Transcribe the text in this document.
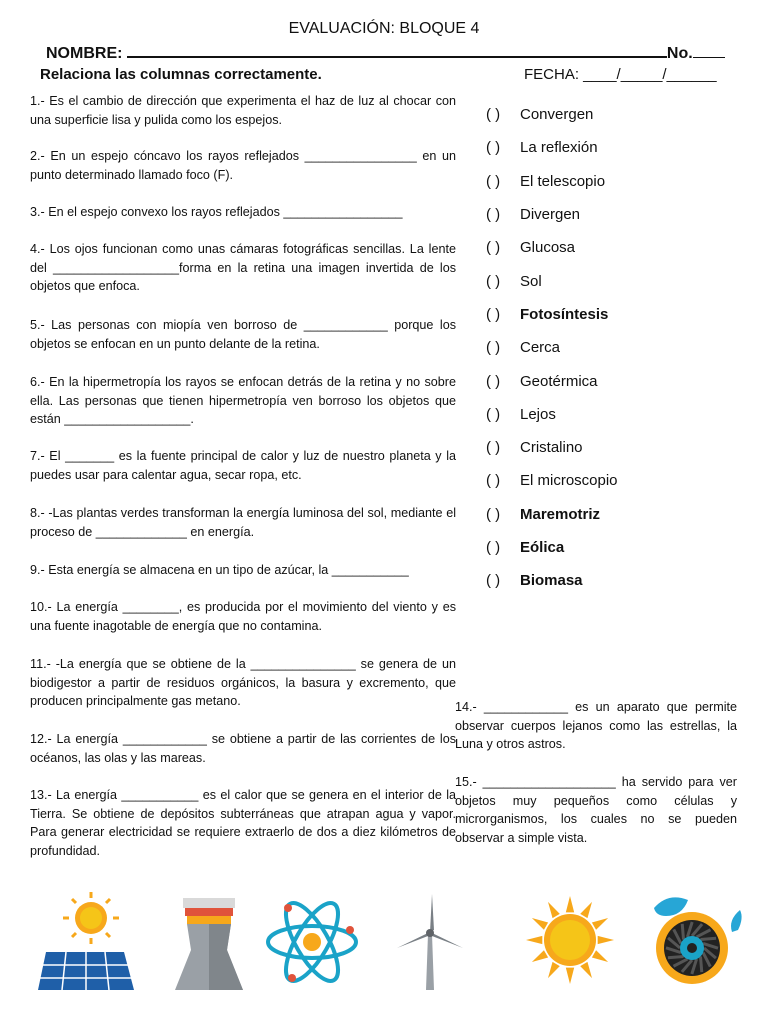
EVALUACIÓN: BLOQUE 4
NOMBRE:	No.
Relaciona las columnas correctamente.	FECHA: ____/_____/______
1.- Es el cambio de dirección que experimenta el haz de luz al chocar con una superficie lisa y pulida como los espejos.
2.- En un espejo cóncavo los rayos reflejados ________________ en un punto determinado llamado foco (F).
3.- En el espejo convexo los rayos reflejados _________________
4.- Los ojos funcionan como unas cámaras fotográficas sencillas. La lente del __________________forma en la retina una imagen invertida de los objetos que enfoca.
5.- Las personas con miopía ven borroso de ____________ porque los objetos se enfocan en un punto delante de la retina.
6.- En la hipermetropía los rayos se enfocan detrás de la retina y no sobre ella. Las personas que tienen hipermetropía ven borroso los objetos que están __________________.
7.- El _______ es la fuente principal de calor y luz de nuestro planeta y la puedes usar para calentar agua, secar ropa, etc.
8.- -Las plantas verdes transforman la energía luminosa del sol, mediante el proceso de _____________ en energía.
9.- Esta energía se almacena en un tipo de azúcar, la ___________
10.- La energía ________, es producida por el movimiento del viento y es una fuente inagotable de energía que no contamina.
11.- -La energía que se obtiene de la _______________ se genera de un biodigestor a partir de residuos orgánicos, la basura y excremento, que producen principalmente gas metano.
12.- La energía ____________ se obtiene a partir de las corrientes de los océanos, las olas y las mareas.
13.- La energía ___________ es el calor que se genera en el interior de la Tierra. Se obtiene de depósitos subterráneas que atrapan agua y vapor. Para generar electricidad se requiere extraerlo de dos a diez kilómetros de profundidad.
14.- ____________ es un aparato que permite observar cuerpos lejanos como las estrellas, la Luna y otros astros.
15.- ___________________ ha servido para ver objetos muy pequeños como células y microrganismos, los cuales no se pueden observar a simple vista.
( )	Convergen
( )	La reflexión
( )	El telescopio
( )	Divergen
( )	Glucosa
( )	Sol
( )	Fotosíntesis
( )	Cerca
( )	Geotérmica
( )	Lejos
( )	Cristalino
( )	El microscopio
( )	Maremotriz
( )	Eólica
( )	Biomasa
